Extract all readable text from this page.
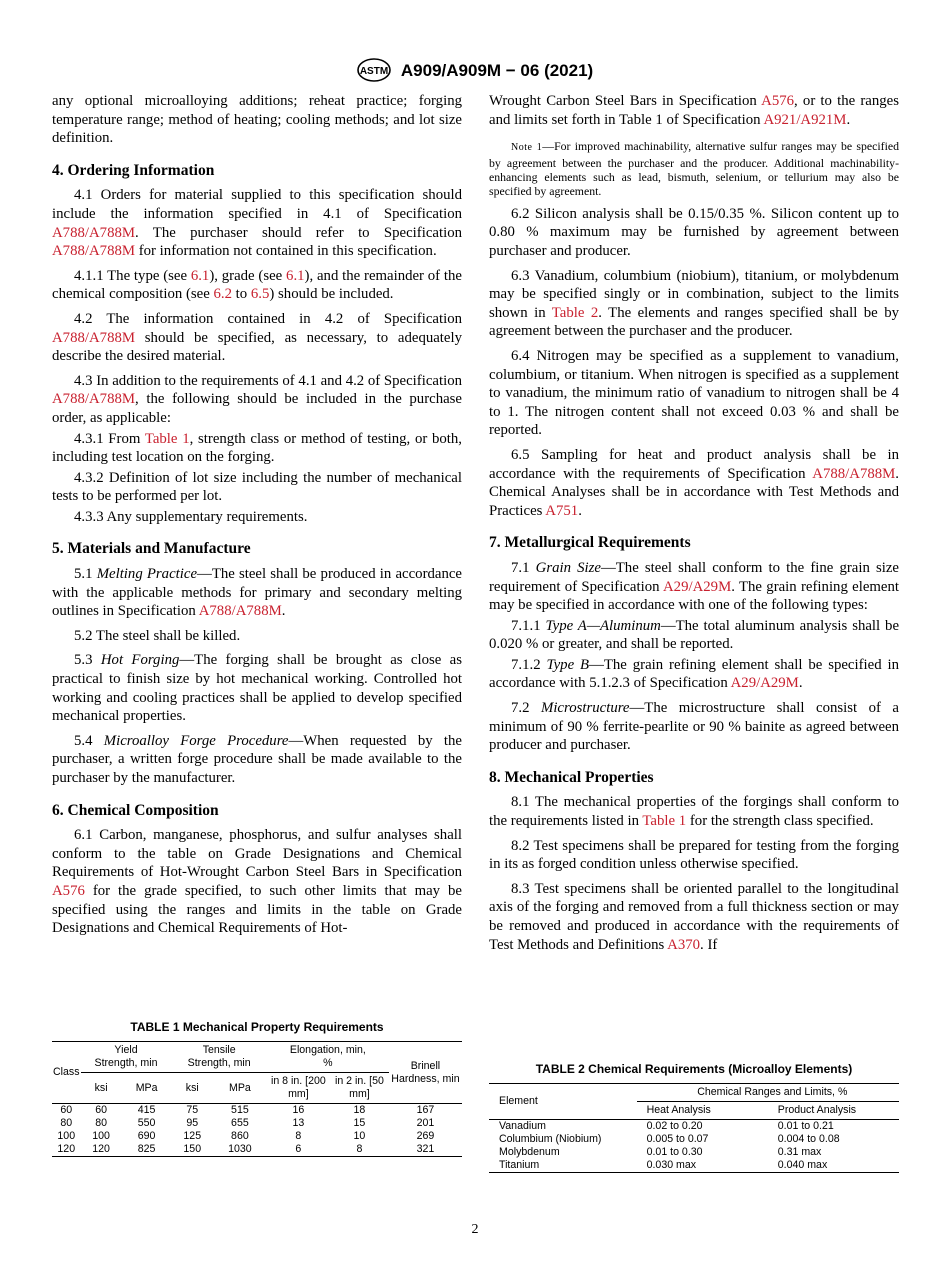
ASTM A909/A909M − 06 (2021)

any optional microalloying additions; reheat practice; forging temperature range; method of heating; cooling methods; and lot size definition.

4. Ordering Information

4.1 Orders for material supplied to this specification should include the information specified in 4.1 of Specification A788/A788M. The purchaser should refer to Specification A788/A788M for information not contained in this specification.

4.1.1 The type (see 6.1), grade (see 6.1), and the remainder of the chemical composition (see 6.2 to 6.5) should be included.

4.2 The information contained in 4.2 of Specification A788/A788M should be specified, as necessary, to adequately describe the desired material.

4.3 In addition to the requirements of 4.1 and 4.2 of Specification A788/A788M, the following should be included in the purchase order, as applicable:

4.3.1 From Table 1, strength class or method of testing, or both, including test location on the forging.

4.3.2 Definition of lot size including the number of mechanical tests to be performed per lot.

4.3.3 Any supplementary requirements.

5. Materials and Manufacture

5.1 Melting Practice—The steel shall be produced in accordance with the applicable methods for primary and secondary melting outlines in Specification A788/A788M.

5.2 The steel shall be killed.

5.3 Hot Forging—The forging shall be brought as close as practical to finish size by hot mechanical working. Controlled hot working and cooling practices shall be applied to develop specified mechanical properties.

5.4 Microalloy Forge Procedure—When requested by the purchaser, a written forge procedure shall be made available to the purchaser by the manufacturer.

6. Chemical Composition

6.1 Carbon, manganese, phosphorus, and sulfur analyses shall conform to the table on Grade Designations and Chemical Requirements of Hot-Wrought Carbon Steel Bars in Specification A576 for the grade specified, to such other limits that may be specified using the ranges and limits in the table on Grade Designations and Chemical Requirements of Hot-

Wrought Carbon Steel Bars in Specification A576, or to the ranges and limits set forth in Table 1 of Specification A921/A921M.

Note 1—For improved machinability, alternative sulfur ranges may be specified by agreement between the purchaser and the producer. Additional machinability-enhancing elements such as lead, bismuth, selenium, or tellurium may also be specified by agreement.

6.2 Silicon analysis shall be 0.15/0.35 %. Silicon content up to 0.80 % maximum may be furnished by agreement between purchaser and producer.

6.3 Vanadium, columbium (niobium), titanium, or molybdenum may be specified singly or in combination, subject to the limits shown in Table 2. The elements and ranges specified shall be by agreement between the purchaser and the producer.

6.4 Nitrogen may be specified as a supplement to vanadium, columbium, or titanium. When nitrogen is specified as a supplement to vanadium, the minimum ratio of vanadium to nitrogen shall be 4 to 1. The nitrogen content shall not exceed 0.03 % and shall be reported.

6.5 Sampling for heat and product analysis shall be in accordance with the requirements of Specification A788/A788M. Chemical Analyses shall be in accordance with Test Methods and Practices A751.

7. Metallurgical Requirements

7.1 Grain Size—The steel shall conform to the fine grain size requirement of Specification A29/A29M. The grain refining element may be specified in accordance with one of the following types:

7.1.1 Type A—Aluminum—The total aluminum analysis shall be 0.020 % or greater, and shall be reported.

7.1.2 Type B—The grain refining element shall be specified in accordance with 5.1.2.3 of Specification A29/A29M.

7.2 Microstructure—The microstructure shall consist of a minimum of 90 % ferrite-pearlite or 90 % bainite as agreed between producer and purchaser.

8. Mechanical Properties

8.1 The mechanical properties of the forgings shall conform to the requirements listed in Table 1 for the strength class specified.

8.2 Test specimens shall be prepared for testing from the forging in its as forged condition unless otherwise specified.

8.3 Test specimens shall be oriented parallel to the longitudinal axis of the forging and removed from a full thickness section or may be removed and produced in accordance with the requirements of Test Methods and Definitions A370. If

TABLE 1 Mechanical Property Requirements
Class	Yield Strength, min		Tensile Strength, min		Elongation, min, %		Brinell Hardness, min
	ksi	MPa	ksi	MPa	in 8 in. [200 mm]	in 2 in. [50 mm]	
60	60	415	75	515	16	18	167
80	80	550	95	655	13	15	201
100	100	690	125	860	8	10	269
120	120	825	150	1030	6	8	321
TABLE 2 Chemical Requirements (Microalloy Elements)
Element	Chemical Ranges and Limits, %	
	Heat Analysis	Product Analysis
Vanadium	0.02 to 0.20	0.01 to 0.21
Columbium (Niobium)	0.005 to 0.07	0.004 to 0.08
Molybdenum	0.01 to 0.30	0.31 max
Titanium	0.030 max	0.040 max
2
